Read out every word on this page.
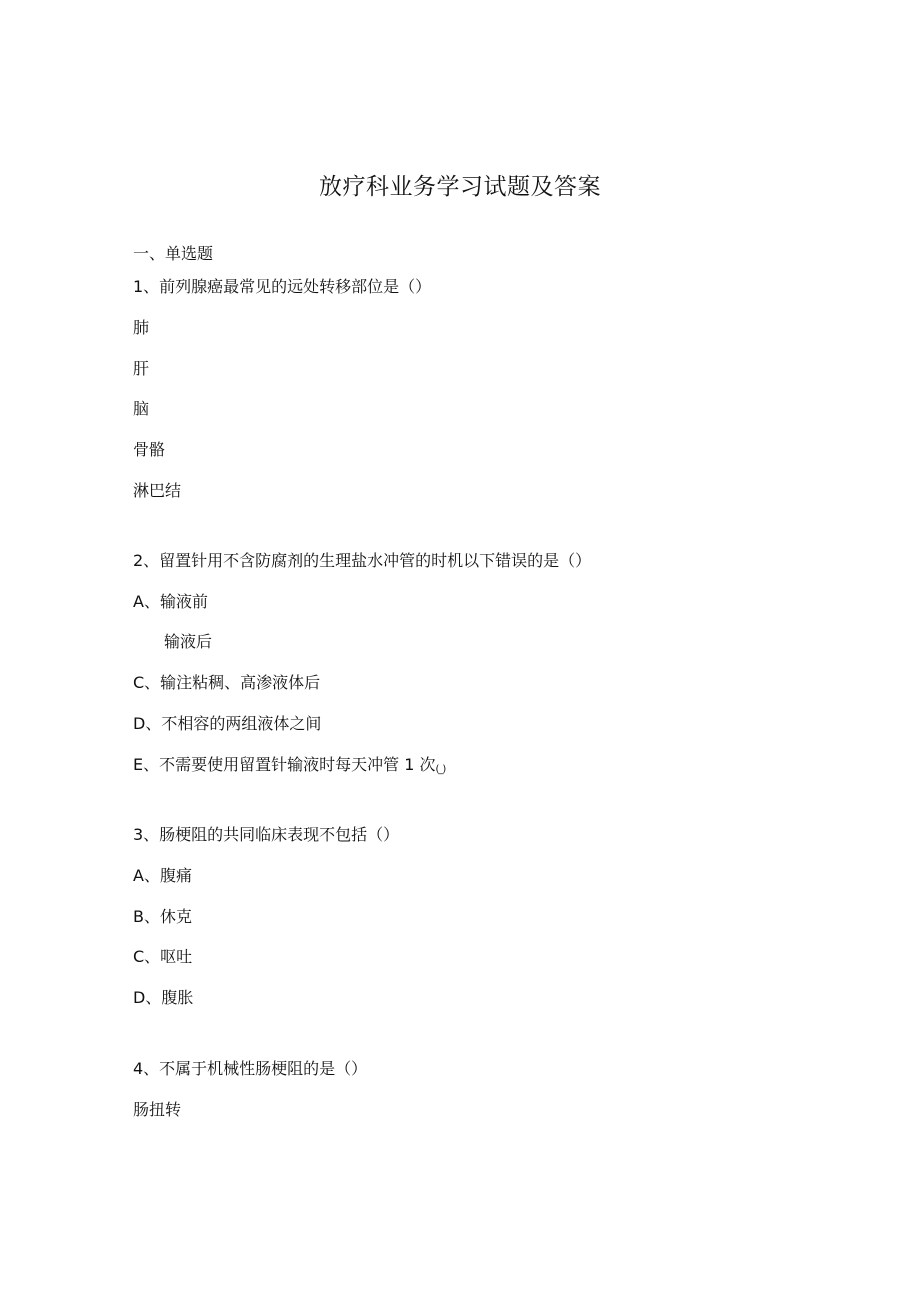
放疗科业务学习试题及答案
一、单选题
1、前列腺癌最常见的远处转移部位是（）
肺
肝
脑
骨骼
淋巴结
2、留置针用不含防腐剂的生理盐水冲管的时机以下错误的是（）
A、输液前
输液后
C、输注粘稠、高渗液体后
D、不相容的两组液体之间
E、不需要使用留置针输液时每天冲管 1 次(_)
3、肠梗阻的共同临床表现不包括（）
A、腹痛
B、休克
C、呕吐
D、腹胀
4、不属于机械性肠梗阻的是（）
肠扭转
